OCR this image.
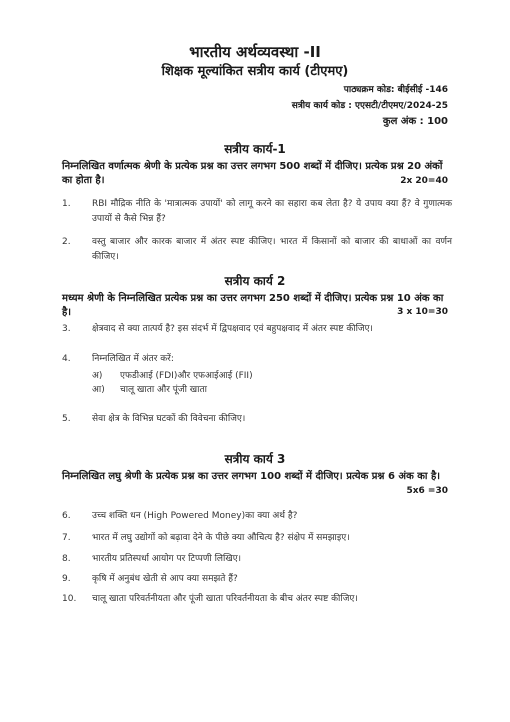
भारतीय अर्थव्यवस्था -II
शिक्षक मूल्यांकित सत्रीय कार्य (टीएमए)
पाठ्यक्रम कोड: बीईसीई -146
सत्रीय कार्य कोड : एएसटी/टीएमए/2024-25
कुल अंक : 100
सत्रीय कार्य-1
निम्नलिखित वर्णात्मक श्रेणी के प्रत्येक प्रश्न का उत्तर लगभग 500 शब्दों में दीजिए। प्रत्येक प्रश्न 20 अंकों का होता है।	2x 20=40
1.	RBI मौद्रिक नीति के 'मात्रात्मक उपायों' को लागू करने का सहारा कब लेता है? ये उपाय क्या हैं? वे गुणात्मक उपायों से कैसे भिन्न हैं?
2.	वस्तु बाजार और कारक बाजार में अंतर स्पष्ट कीजिए। भारत में किसानों को बाजार की बाधाओं का वर्णन कीजिए।
सत्रीय कार्य 2
मध्यम श्रेणी के निम्नलिखित प्रत्येक प्रश्न का उत्तर लगभग 250 शब्दों में दीजिए। प्रत्येक प्रश्न 10 अंक का है।	3 x 10=30
3.	क्षेत्रवाद से क्या तात्पर्य है? इस संदर्भ में द्विपक्षवाद एवं बहुपक्षवाद में अंतर स्पष्ट कीजिए।
4.	निम्नलिखित में अंतर करें:
अ) एफडीआई (FDI)और एफआईआई (FII)
आ) चालू खाता और पूंजी खाता
5.	सेवा क्षेत्र के विभिन्न घटकों की विवेचना कीजिए।
सत्रीय कार्य 3
निम्नलिखित लघु श्रेणी के प्रत्येक प्रश्न का उत्तर लगभग 100 शब्दों में दीजिए। प्रत्येक प्रश्न 6 अंक का है।
5x6 =30
6.	उच्च शक्ति धन (High Powered Money)का क्या अर्थ है?
7.	भारत में लघु उद्योगों को बढ़ावा देने के पीछे क्या औचित्य है? संक्षेप में समझाइए।
8.	भारतीय प्रतिस्पर्धा आयोग पर टिप्पणी लिखिए।
9.	कृषि में अनुबंध खेती से आप क्या समझते हैं?
10.	चालू खाता परिवर्तनीयता और पूंजी खाता परिवर्तनीयता के बीच अंतर स्पष्ट कीजिए।
